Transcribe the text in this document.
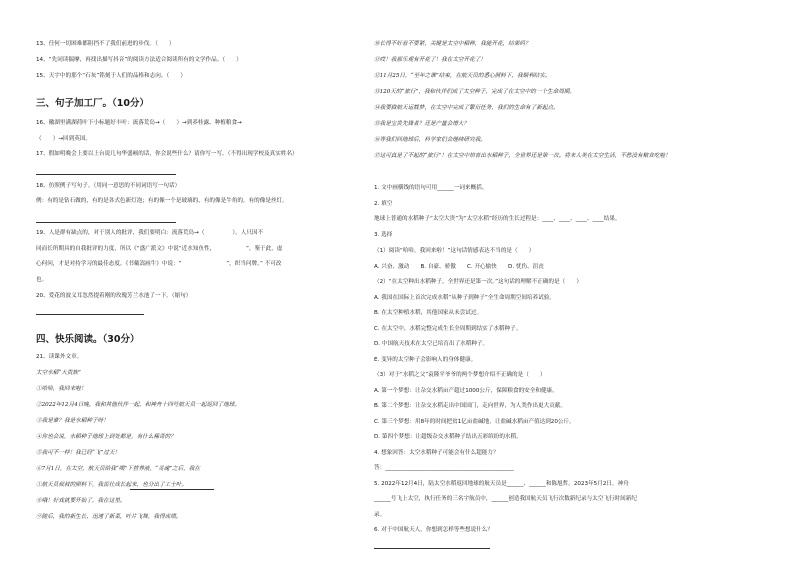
13、任何一切困难都阻挡不了我们前进的步伐。（　　）
14、“先同读揣摩，再找出描写抖音”的阅读方法适合阅读所有的文学作品。（　　）
15、天宇中的那个“石灰”铭刻于人们的品格和志向。（　　）
三、句子加工厂。（10分）
16、徽湖里满湖荷叶下小标题好丰叶：流落荒岛→（　　）→到养桂露、种植粮食→
（　　）→回到英国。
17、假如明晚会上要以上台说几句华盛顿的话，你会说些什么？请你写一写。（不得出现学校及真实姓名）
18、仿照例子写句子。（用同一意思的不同词语写一句话）
例：有的是钻石做的，有的是各式色新灯泡；有的像一个是玻璃的，有的像是牛角的，有的像是丝灯。
19、人是群有缺点的，对于别人的批评，我们要明白：流落荒岛→（　　　　　）。人只因不
同而长所期具的自我批评的力度，所以《“盛广派文》中说“近水知鱼性，　　　　　　”。鉴于此，虚
心何问，才是对持学习的最佳态度。《书戴嵩画牛》中说：“　　　　　　　　”，织当问牌。” 不可改
也。
20、爱花的波义耳忽然提着刚的玫瑰芳兰水池了一下。（缩句）
四、快乐阅读。（30分）
21、读课外文章。
太空水稻“大贵族”
①哈哈，我回来啦！
②2022年12月4日晚，我和其他伙伴一起，和神舟十四号航天员一起返回了地球。
③我是谁？我是水稻种子呀！
④你也会说，水稻种子地球上到处都是，有什么稀奇的？
⑤我可不一样！我已经“飞”过天！
⑥7月1日，在太空，航天员给我“喝”下营养液，“灵魂”之后，我在
①航天员叔叔的照料下，我茁壮成长起来，也分出了工士叶。
⑧哦！好戏就要开始了，我在这里。
⑨随后，我的新生长，迅速了新菜，叶片飞舞，我得成绩。
⑩长得不好看不要紧，关键是太空中稻种，我能开花，结果吗？
⑪哎！我那乐观有开花了！我在太空开花了！
⑫11月25日，“至年之谁”结束，在航天员的悉心照料下，我顺利结实。
⑬120天的“旅行”，我和伙伴们成了太空种子，完成了在太空中的一个生命周期。
⑭我要做航天运载梦，在太空中完成了繁衍任务，我们的生命有了新起点。
⑮我是宝贵先锋者？还是产量会增大？
⑯等我们回地球后，科学家们会继续研究我。
⑰这可真是了不起的“旅行”！在太空中培育出水稻种子，全世界还是第一次。将来人类在太空生活，不愁没有粮食吃啦！
1. 文中画横线的语句可用______一词来概括。
2. 填空
地球上普通的水稻种子“太空大贵”为“太空水稻”经历的生长过程是：____、____、____、____结果。
3. 选择
（1）阅读“哈哈，我回来啦！”这句话情感表达不当的是（　　）
A. 兴奋、激动　　B. 自豪、骄傲　　C. 开心愉快　　D. 忧伤、沮丧
（2）“在太空种出水稻种子，全世界还是第一次。”这句话的理解不正确的是（　　）
A. 我国在国际上首次完成水稻“从种子到种子”全生命周期空间培养试验。
B. 在太空种植水稻，其他国家从未尝试过。
C. 在太空中，水稻完整完成生长全周期到结实了水稻种子。
D. 中国航天技术在太空已培育出了水稻种子。
E. 变异的太空种子会影响人的身体健康。
（3）对于“水稻之父”袁隆平爷爷的两个梦想介绍不正确的是（　　）
A. 第一个梦想：让杂交水稻亩产超过1000公斤，保障粮食的安全和健康。
B. 第二个梦想：让杂交水稻走出中国国门，走向世界，为人类作出更大贡献。
C. 第三个梦想：用8年的时间把贫1亿亩盐碱地，让盐碱水稻亩产值达到20公斤。
D. 第四个梦想：让超级杂交水稻种子结出五彩缤纷的水稻。
4. 想象回答：太空水稻种子可能会有什么超能力？
答：______________________________________________
5. 2022年12月4日，陆太空水稻返回地球的航天员是______、______和陈旭哲。2023年5月2日，神舟
______号飞上太空，执行任务的三名宇航员中，______创造我国航天员飞行次数新纪录与太空飞行时间新纪
录。
6. 对于中国航天人，你想到怎样等些想说什么？
